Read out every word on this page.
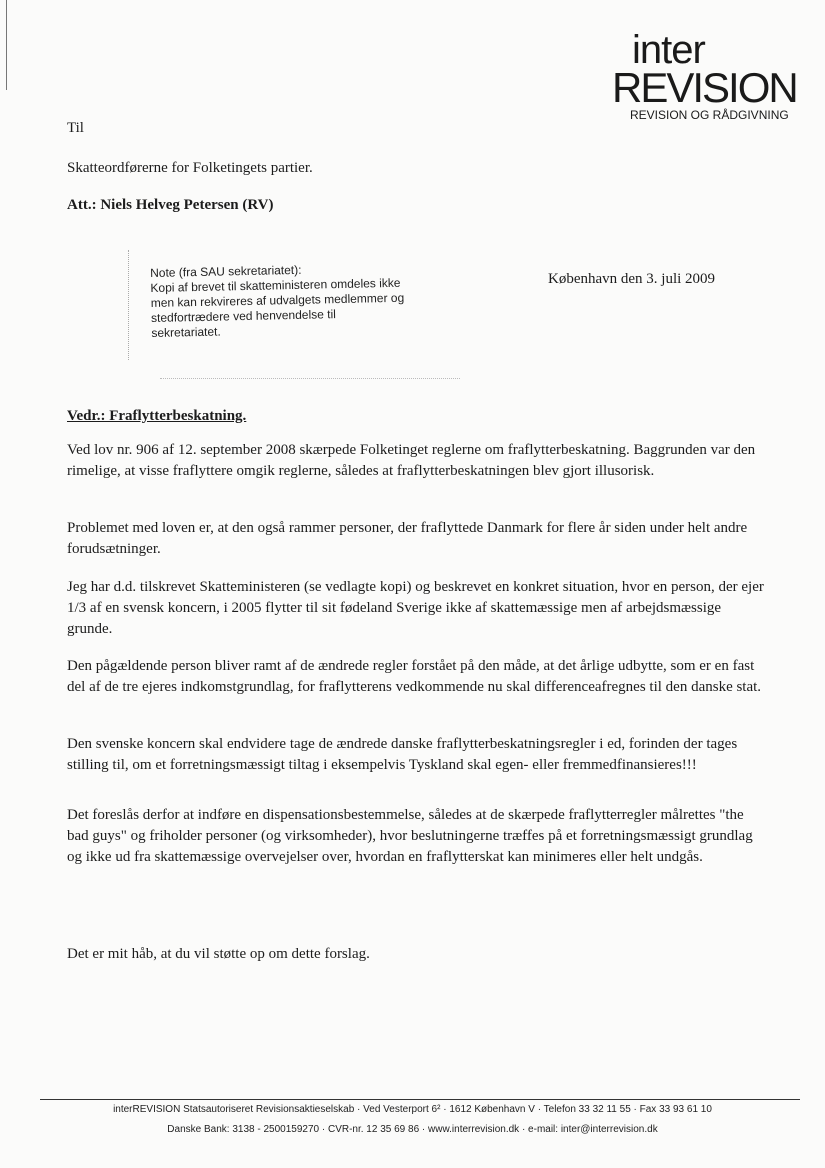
inter
REVISION
REVISION OG RÅDGIVNING
Til
Skatteordførerne for Folketingets partier.
Att.: Niels Helveg Petersen (RV)
Note (fra SAU sekretariatet):
Kopi af brevet til skatteministeren omdeles ikke
men kan rekvireres af udvalgets medlemmer og
stedfortrædere ved henvendelse til
sekretariatet.
København den 3. juli 2009
Vedr.: Fraflytterbeskatning.
Ved lov nr. 906 af 12. september 2008 skærpede Folketinget reglerne om fraflytterbeskatning. Baggrunden var den rimelige, at visse fraflyttere omgik reglerne, således at fraflytterbeskatningen blev gjort illusorisk.
Problemet med loven er, at den også rammer personer, der fraflyttede Danmark for flere år siden under helt andre forudsætninger.
Jeg har d.d. tilskrevet Skatteministeren (se vedlagte kopi) og beskrevet en konkret situation, hvor en person, der ejer 1/3 af en svensk koncern, i 2005 flytter til sit fødeland Sverige ikke af skattemæssige men af arbejdsmæssige grunde.
Den pågældende person bliver ramt af de ændrede regler forstået på den måde, at det årlige udbytte, som er en fast del af de tre ejeres indkomstgrundlag, for fraflytterens vedkommende nu skal differenceafregnes til den danske stat.
Den svenske koncern skal endvidere tage de ændrede danske fraflytterbeskatningsregler i ed, forinden der tages stilling til, om et forretningsmæssigt tiltag i eksempelvis Tyskland skal egen- eller fremmedfinansieres!!!
Det foreslås derfor at indføre en dispensationsbestemmelse, således at de skærpede fraflytterregler målrettes "the bad guys" og friholder personer (og virksomheder), hvor beslutningerne træffes på et forretningsmæssigt grundlag og ikke ud fra skattemæssige overvejelser over, hvordan en fraflytterskat kan minimeres eller helt undgås.
Det er mit håb, at du vil støtte op om dette forslag.
interREVISION Statsautoriseret Revisionsaktieselskab · Ved Vesterport 6² · 1612 København V · Telefon 33 32 11 55 · Fax 33 93 61 10
Danske Bank: 3138 - 2500159270 · CVR-nr. 12 35 69 86 · www.interrevision.dk · e-mail: inter@interrevision.dk
